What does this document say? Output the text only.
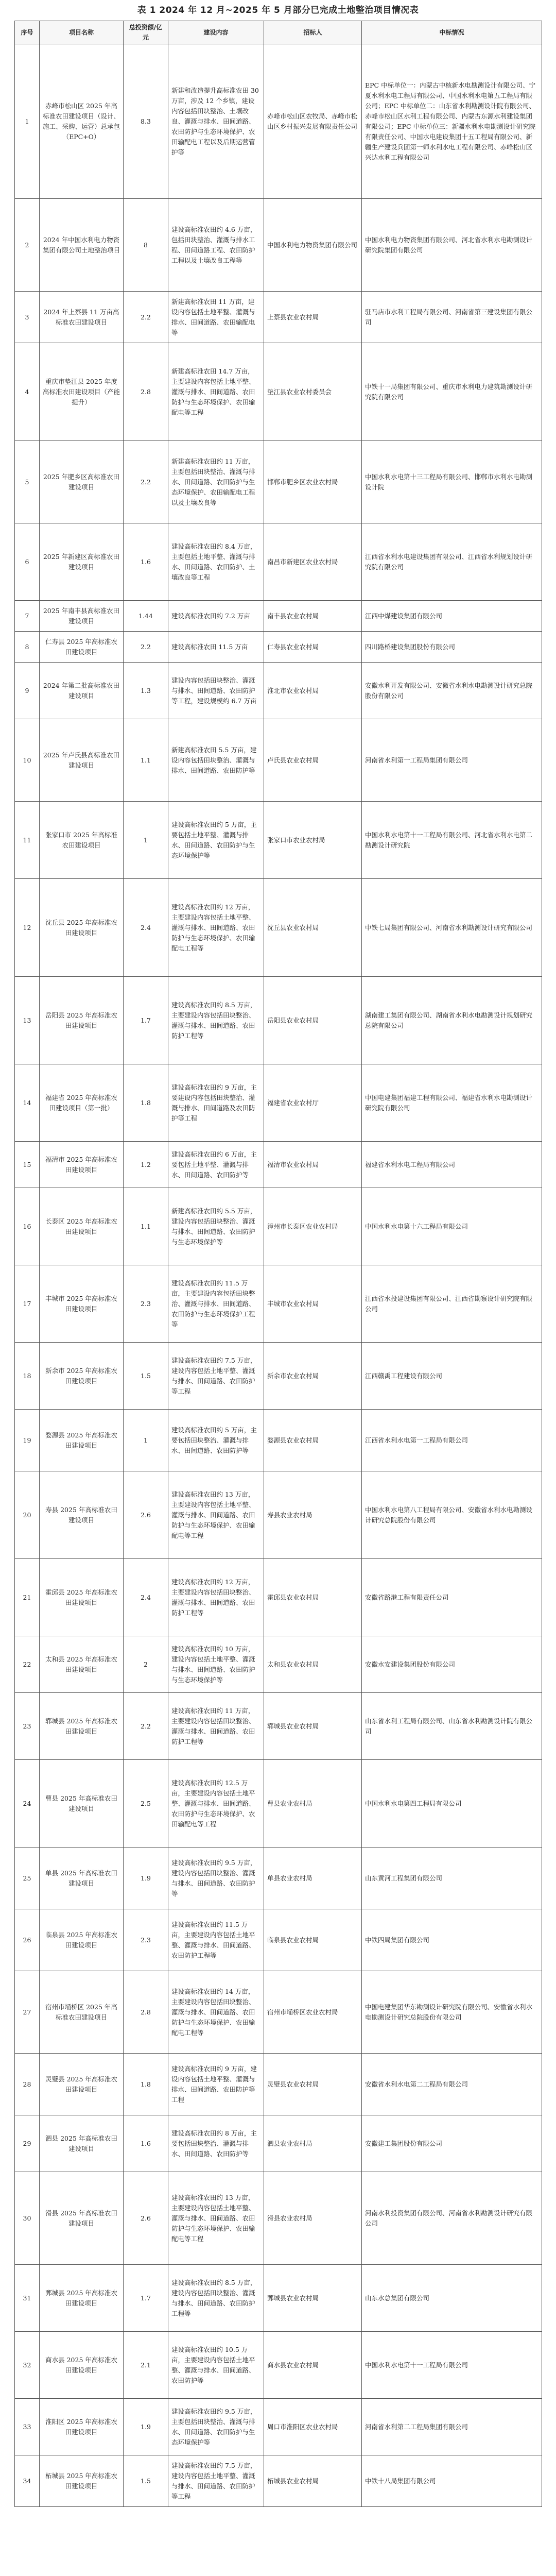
表 1 2024 年 12 月~2025 年 5 月部分已完成土地整治项目情况表
序号	项目名称	总投资额/亿元	建设内容	招标人	中标情况
1	赤峰市松山区 2025 年高标准农田建设项目（设计、施工、采购、运营）总承包（EPC+O）	8.3	新建和改造提升高标准农田 30 万亩，涉及 12 个乡镇，建设内容包括田块整治、土壤改良、灌溉与排水、田间道路、农田防护与生态环境保护、农田输配电工程以及后期运营管护等	赤峰市松山区农牧局、赤峰市松山区乡村振兴发展有限责任公司	EPC 中标单位一：内蒙古中核新水电勘测设计有限公司、宁夏水利水电工程局有限公司、中国水利水电第五工程局有限公司；EPC 中标单位二：山东省水利勘测设计院有限公司、赤峰市松山区水利工程有限公司、内蒙古东源水利建设集团有限公司；EPC 中标单位三：新疆水利水电勘测设计研究院有限责任公司、中国水电建设集团十五工程局有限公司、新疆生产建设兵团第一师水利水电工程有限公司、赤峰松山区兴达水利工程有限公司
2	2024 年中国水利电力物资集团有限公司土地整治项目	8	建设高标准农田约 4.6 万亩，包括田块整治、灌溉与排水工程、田间道路工程、农田防护工程以及土壤改良工程等	中国水利电力物资集团有限公司	中国水利电力物资集团有限公司、河北省水利水电勘测设计研究院集团有限公司
3	2024 年上蔡县 11 万亩高标准农田建设项目	2.2	新建高标准农田 11 万亩，建设内容包括土地平整、灌溉与排水、田间道路、农田输配电等	上蔡县农业农村局	驻马店市水利工程局有限公司、河南省第三建设集团有限公司
4	重庆市垫江县 2025 年度高标准农田建设项目（产能提升）	2.8	新建高标准农田 14.7 万亩，主要建设内容包括土地平整、灌溉与排水、田间道路、农田防护与生态环境保护、农田输配电等工程	垫江县农业农村委员会	中铁十一局集团有限公司、重庆市水利电力建筑勘测设计研究院有限公司
5	2025 年肥乡区高标准农田建设项目	2.2	新建高标准农田约 11 万亩，主要包括田块整治、灌溉与排水、田间道路、农田防护与生态环境保护、农田输配电工程以及土壤改良等	邯郸市肥乡区农业农村局	中国水利水电第十三工程局有限公司、邯郸市水利水电勘测设计院
6	2025 年新建区高标准农田建设项目	1.6	建设高标准农田约 8.4 万亩，主要包括土地平整、灌溉与排水、田间道路、农田防护、土壤改良等工程	南昌市新建区农业农村局	江西省水利水电建设集团有限公司、江西省水利规划设计研究院有限公司
7	2025 年南丰县高标准农田建设项目	1.44	建设高标准农田约 7.2 万亩	南丰县农业农村局	江西中煤建设集团有限公司
8	仁寿县 2025 年高标准农田建设项目	2.2	建设高标准农田 11.5 万亩	仁寿县农业农村局	四川路桥建设集团股份有限公司
9	2024 年第二批高标准农田建设项目	1.3	建设内容包括田块整治、灌溉与排水、田间道路、农田防护等工程，建设规模约 6.7 万亩	淮北市农业农村局	安徽水利开发有限公司、安徽省水利水电勘测设计研究总院股份有限公司
10	2025 年卢氏县高标准农田建设项目	1.1	新建高标准农田 5.5 万亩，建设内容包括田块整治、灌溉与排水、田间道路、农田防护等	卢氏县农业农村局	河南省水利第一工程局集团有限公司
11	张家口市 2025 年高标准农田建设项目	1	建设高标准农田约 5 万亩，主要包括土地平整、灌溉与排水、田间道路、农田防护与生态环境保护等	张家口市农业农村局	中国水利水电第十一工程局有限公司、河北省水利水电第二勘测设计研究院
12	沈丘县 2025 年高标准农田建设项目	2.4	建设高标准农田约 12 万亩，主要建设内容包括土地平整、灌溉与排水、田间道路、农田防护与生态环境保护、农田输配电工程等	沈丘县农业农村局	中铁七局集团有限公司、河南省水利勘测设计研究有限公司
13	岳阳县 2025 年高标准农田建设项目	1.7	建设高标准农田约 8.5 万亩，主要建设内容包括田块整治、灌溉与排水、田间道路、农田防护工程等	岳阳县农业农村局	湖南建工集团有限公司、湖南省水利水电勘测设计规划研究总院有限公司
14	福建省 2025 年高标准农田建设项目（第一批）	1.8	建设高标准农田约 9 万亩，主要建设内容包括田块整治、灌溉与排水、田间道路及农田防护等工程	福建省农业农村厅	中国电建集团福建工程有限公司、福建省水利水电勘测设计研究院有限公司
15	福清市 2025 年高标准农田建设项目	1.2	建设高标准农田约 6 万亩，主要包括土地平整、灌溉与排水、田间道路、农田防护等	福清市农业农村局	福建省水利水电工程局有限公司
16	长泰区 2025 年高标准农田建设项目	1.1	新建高标准农田约 5.5 万亩，建设内容包括田块整治、灌溉与排水、田间道路、农田防护与生态环境保护等	漳州市长泰区农业农村局	中国水利水电第十六工程局有限公司
17	丰城市 2025 年高标准农田建设项目	2.3	建设高标准农田约 11.5 万亩，主要建设内容包括田块整治、灌溉与排水、田间道路、农田防护与生态环境保护工程等	丰城市农业农村局	江西省水投建设集团有限公司、江西省勘察设计研究院有限公司
18	新余市 2025 年高标准农田建设项目	1.5	建设高标准农田约 7.5 万亩，建设内容包括土地平整、灌溉与排水、田间道路、农田防护等工程	新余市农业农村局	江西赣禹工程建设有限公司
19	婺源县 2025 年高标准农田建设项目	1	建设高标准农田约 5 万亩，主要包括田块整治、灌溉与排水、田间道路、农田防护等	婺源县农业农村局	江西省水利水电第一工程局有限公司
20	寿县 2025 年高标准农田建设项目	2.6	建设高标准农田约 13 万亩，主要建设内容包括土地平整、灌溉与排水、田间道路、农田防护与生态环境保护、农田输配电等工程	寿县农业农村局	中国水利水电第八工程局有限公司、安徽省水利水电勘测设计研究总院股份有限公司
21	霍邱县 2025 年高标准农田建设项目	2.4	建设高标准农田约 12 万亩，主要建设内容包括田块整治、灌溉与排水、田间道路、农田防护工程等	霍邱县农业农村局	安徽省路港工程有限责任公司
22	太和县 2025 年高标准农田建设项目	2	建设高标准农田约 10 万亩，建设内容包括土地平整、灌溉与排水、田间道路、农田防护与生态环境保护等	太和县农业农村局	安徽水安建设集团股份有限公司
23	郓城县 2025 年高标准农田建设项目	2.2	建设高标准农田约 11 万亩，主要建设内容包括田块整治、灌溉与排水、田间道路、农田防护工程等	郓城县农业农村局	山东省水利工程局有限公司、山东省水利勘测设计院有限公司
24	曹县 2025 年高标准农田建设项目	2.5	建设高标准农田约 12.5 万亩，主要建设内容包括土地平整、灌溉与排水、田间道路、农田防护与生态环境保护、农田输配电等工程	曹县农业农村局	中国水利水电第四工程局有限公司
25	单县 2025 年高标准农田建设项目	1.9	建设高标准农田约 9.5 万亩，建设内容包括田块整治、灌溉与排水、田间道路、农田防护等	单县农业农村局	山东黄河工程集团有限公司
26	临泉县 2025 年高标准农田建设项目	2.3	建设高标准农田约 11.5 万亩，主要建设内容包括土地平整、灌溉与排水、田间道路、农田防护工程等	临泉县农业农村局	中铁四局集团有限公司
27	宿州市埇桥区 2025 年高标准农田建设项目	2.8	建设高标准农田约 14 万亩，主要建设内容包括田块整治、灌溉与排水、田间道路、农田防护与生态环境保护、农田输配电工程等	宿州市埇桥区农业农村局	中国电建集团华东勘测设计研究院有限公司、安徽省水利水电勘测设计研究总院股份有限公司
28	灵璧县 2025 年高标准农田建设项目	1.8	建设高标准农田约 9 万亩，建设内容包括土地平整、灌溉与排水、田间道路、农田防护等工程	灵璧县农业农村局	安徽省水利水电第二工程局有限公司
29	泗县 2025 年高标准农田建设项目	1.6	建设高标准农田约 8 万亩，主要包括田块整治、灌溉与排水、田间道路、农田防护等	泗县农业农村局	安徽建工集团股份有限公司
30	滑县 2025 年高标准农田建设项目	2.6	建设高标准农田约 13 万亩，主要建设内容包括土地平整、灌溉与排水、田间道路、农田防护与生态环境保护、农田输配电等工程	滑县农业农村局	河南水利投资集团有限公司、河南省水利勘测设计研究有限公司
31	鄄城县 2025 年高标准农田建设项目	1.7	建设高标准农田约 8.5 万亩，建设内容包括田块整治、灌溉与排水、田间道路、农田防护工程等	鄄城县农业农村局	山东水总集团有限公司
32	商水县 2025 年高标准农田建设项目	2.1	建设高标准农田约 10.5 万亩，主要建设内容包括土地平整、灌溉与排水、田间道路、农田防护等	商水县农业农村局	中国水利水电第十一工程局有限公司
33	淮阳区 2025 年高标准农田建设项目	1.9	建设高标准农田约 9.5 万亩，主要包括田块整治、灌溉与排水、田间道路、农田防护与生态环境保护等	周口市淮阳区农业农村局	河南省水利第二工程局集团有限公司
34	柘城县 2025 年高标准农田建设项目	1.5	建设高标准农田约 7.5 万亩，建设内容包括土地平整、灌溉与排水、田间道路、农田防护等工程	柘城县农业农村局	中铁十八局集团有限公司
